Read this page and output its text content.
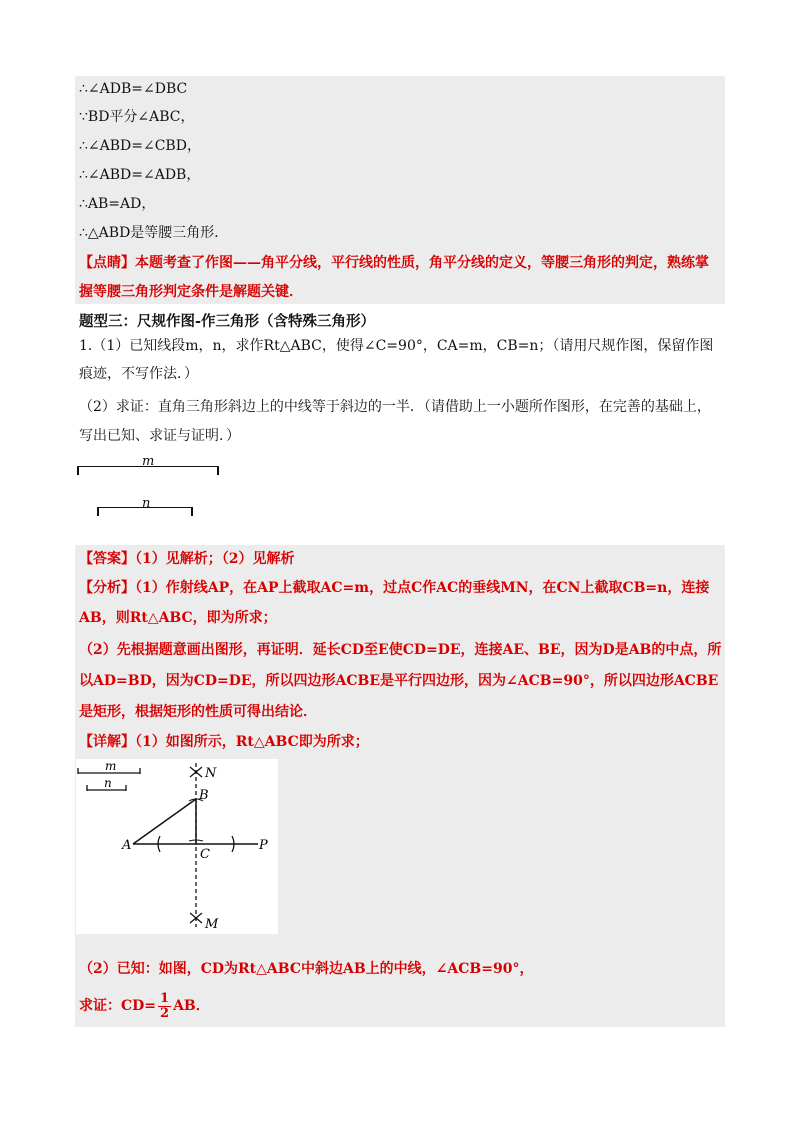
∴∠ADB=∠DBC
∵BD平分∠ABC，
∴∠ABD=∠CBD，
∴∠ABD=∠ADB，
∴AB=AD，
∴△ABD是等腰三角形．
【点睛】本题考查了作图——角平分线，平行线的性质，角平分线的定义，等腰三角形的判定，熟练掌
握等腰三角形判定条件是解题关键．
题型三：尺规作图-作三角形（含特殊三角形）
1.（1）已知线段m，n，求作Rt△ABC，使得∠C=90°，CA=m，CB=n；（请用尺规作图，保留作图
痕迹，不写作法．）
（2）求证：直角三角形斜边上的中线等于斜边的一半．（请借助上一小题所作图形，在完善的基础上，
写出已知、求证与证明．）
m
n
【答案】（1）见解析；（2）见解析
【分析】（1）作射线AP，在AP上截取AC=m，过点C作AC的垂线MN，在CN上截取CB=n，连接
AB，则Rt△ABC，即为所求；
（2）先根据题意画出图形，再证明．延长CD至E使CD=DE，连接AE、BE，因为D是AB的中点，所
以AD=BD，因为CD=DE，所以四边形ACBE是平行四边形，因为∠ACB=90°，所以四边形ACBE
是矩形，根据矩形的性质可得出结论．
【详解】（1）如图所示，Rt△ABC即为所求；
m
n
A
B
C
P
N
M
（2）已知：如图，CD为Rt△ABC中斜边AB上的中线，∠ACB=90°，
求证：$CD= \frac{1}{2}$ AB．
